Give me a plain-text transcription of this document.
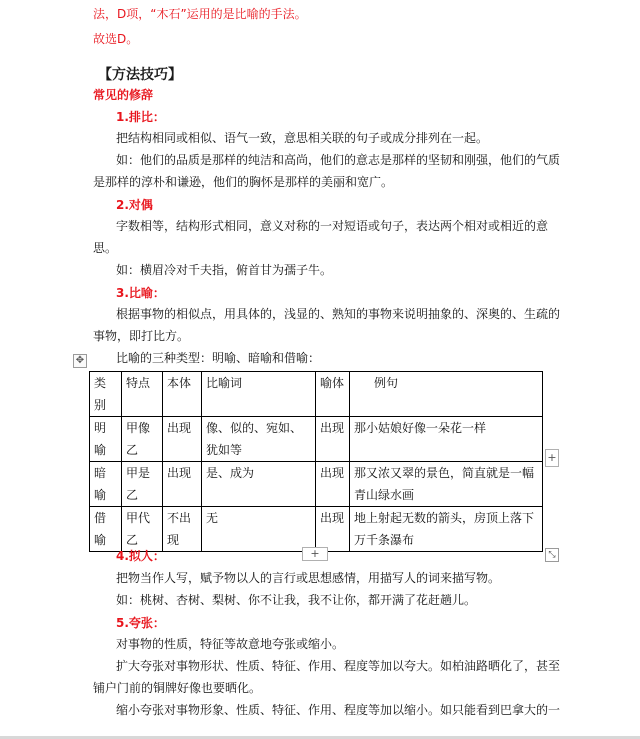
法，D项，“木石”运用的是比喻的手法。
故选D。
【方法技巧】
常见的修辞
1.排比：
把结构相同或相似、语气一致，意思相关联的句子或成分排列在一起。
如：他们的品质是那样的纯洁和高尚，他们的意志是那样的坚韧和刚强，他们的气质
是那样的淳朴和谦逊，他们的胸怀是那样的美丽和宽广。
2.对偶
字数相等，结构形式相同，意义对称的一对短语或句子，表达两个相对或相近的意
思。
如：横眉冷对千夫指，俯首甘为孺子牛。
3.比喻：
根据事物的相似点，用具体的，浅显的、熟知的事物来说明抽象的、深奥的、生疏的
事物，即打比方。
比喻的三种类型：明喻、暗喻和借喻：
✥
类别	特点	本体	比喻词	喻体	例句
明喻	甲像乙	出现	像、似的、宛如、犹如等	出现	那小姑娘好像一朵花一样
暗喻	甲是乙	出现	是、成为	出现	那又浓又翠的景色，简直就是一幅青山绿水画
借喻	甲代乙	不出现	无	出现	地上射起无数的箭头，房顶上落下万千条瀑布
+
+	⤡
4.拟人：
把物当作人写，赋予物以人的言行或思想感情，用描写人的词来描写物。
如：桃树、杏树、梨树、你不让我，我不让你，都开满了花赶趟儿。
5.夸张：
对事物的性质，特征等故意地夸张或缩小。
扩大夸张对事物形状、性质、特征、作用、程度等加以夸大。如柏油路晒化了，甚至
铺户门前的铜牌好像也要晒化。
缩小夸张对事物形象、性质、特征、作用、程度等加以缩小。如只能看到巴拿大的一
